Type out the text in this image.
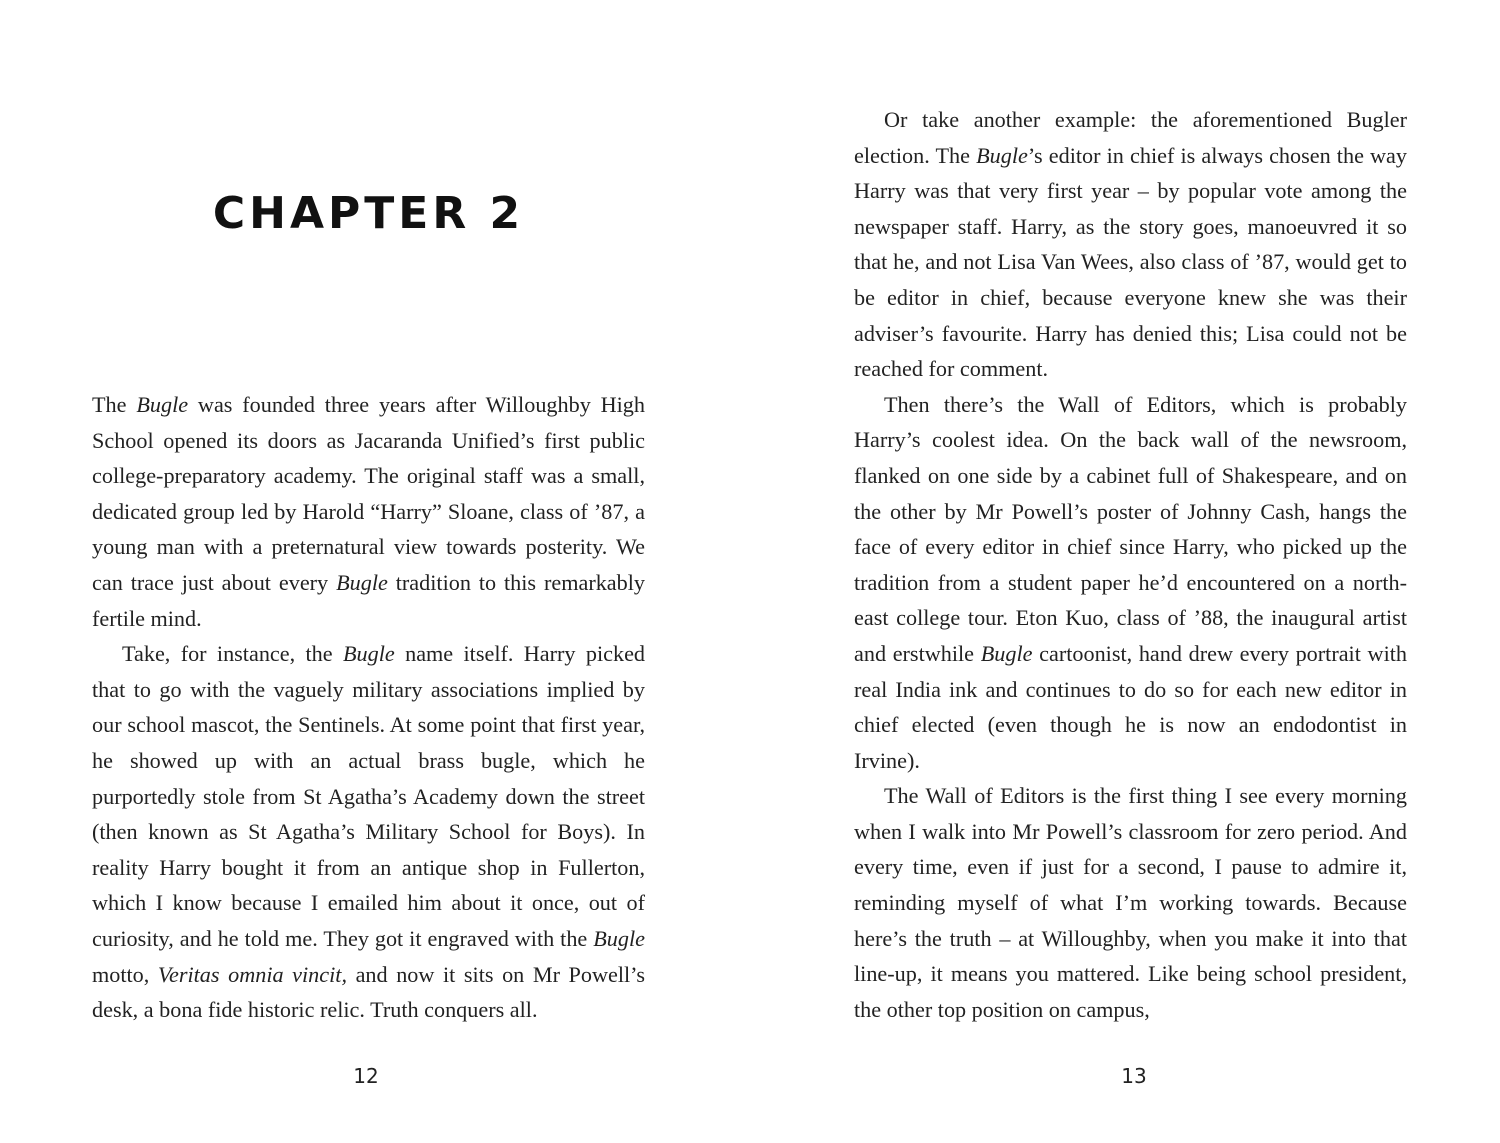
CHAPTER 2

The Bugle was founded three years after Willoughby High School opened its doors as Jacaranda Unified’s first public college-preparatory academy. The original staff was a small, dedicated group led by Harold “Harry” Sloane, class of ’87, a young man with a preternatural view towards posterity. We can trace just about every Bugle tradition to this remarkably fertile mind.

Take, for instance, the Bugle name itself. Harry picked that to go with the vaguely military associations implied by our school mascot, the Sentinels. At some point that first year, he showed up with an actual brass bugle, which he purportedly stole from St Agatha’s Academy down the street (then known as St Agatha’s Military School for Boys). In reality Harry bought it from an antique shop in Fullerton, which I know because I emailed him about it once, out of curiosity, and he told me. They got it engraved with the Bugle motto, Veritas omnia vincit, and now it sits on Mr Powell’s desk, a bona fide historic relic. Truth conquers all.

12

Or take another example: the aforementioned Bugler election. The Bugle’s editor in chief is always chosen the way Harry was that very first year – by popular vote among the newspaper staff. Harry, as the story goes, manoeuvred it so that he, and not Lisa Van Wees, also class of ’87, would get to be editor in chief, because everyone knew she was their adviser’s favourite. Harry has denied this; Lisa could not be reached for comment.

Then there’s the Wall of Editors, which is probably Harry’s coolest idea. On the back wall of the newsroom, flanked on one side by a cabinet full of Shakespeare, and on the other by Mr Powell’s poster of Johnny Cash, hangs the face of every editor in chief since Harry, who picked up the tradition from a student paper he’d encountered on a north-east college tour. Eton Kuo, class of ’88, the inaugural artist and erstwhile Bugle cartoonist, hand drew every portrait with real India ink and continues to do so for each new editor in chief elected (even though he is now an endodontist in Irvine).

The Wall of Editors is the first thing I see every morning when I walk into Mr Powell’s classroom for zero period. And every time, even if just for a second, I pause to admire it, reminding myself of what I’m working towards. Because here’s the truth – at Willoughby, when you make it into that line-up, it means you mattered. Like being school president, the other top position on campus,

13
